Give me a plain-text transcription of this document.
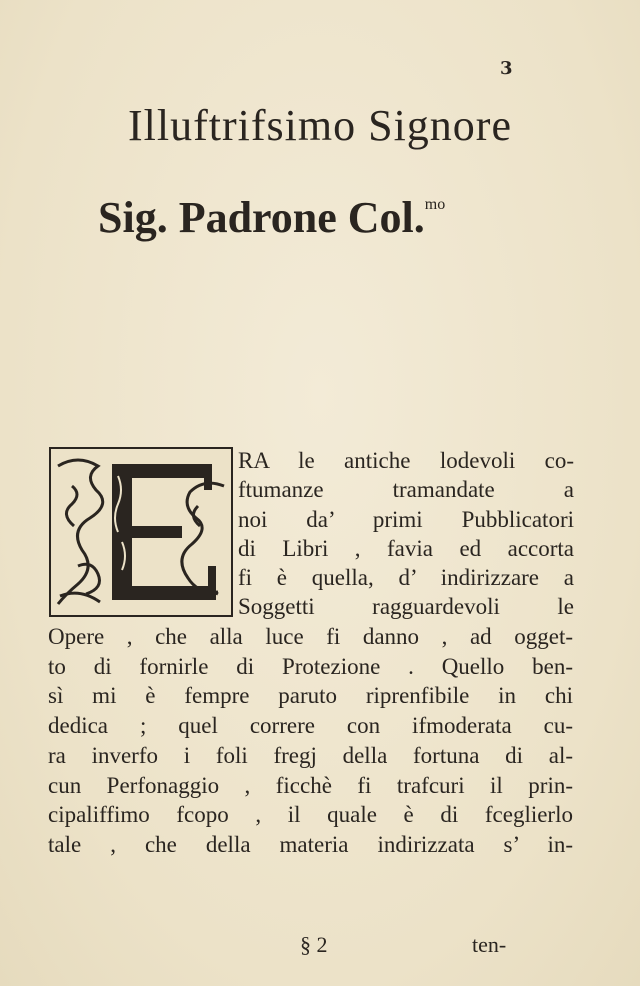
3
Illuftrifsimo Signore
Sig. Padrone Col.$^{mo}$
RA le antiche lodevoli co-
ftumanze tramandate a
noi da’ primi Pubblicatori
di Libri , favia ed accorta
fi è quella, d’ indirizzare a
Soggetti ragguardevoli le
Opere , che alla luce fi danno , ad ogget-
to di fornirle di Protezione . Quello ben-
sì mi è fempre paruto riprenfibile in chi
dedica ; quel correre con ifmoderata cu-
ra inverfo i foli fregj della fortuna di al-
cun Perfonaggio , ficchè fi trafcuri il prin-
cipaliffimo fcopo , il quale è di fceglierlo
tale , che della materia indirizzata s’ in-
§ 2	ten-
